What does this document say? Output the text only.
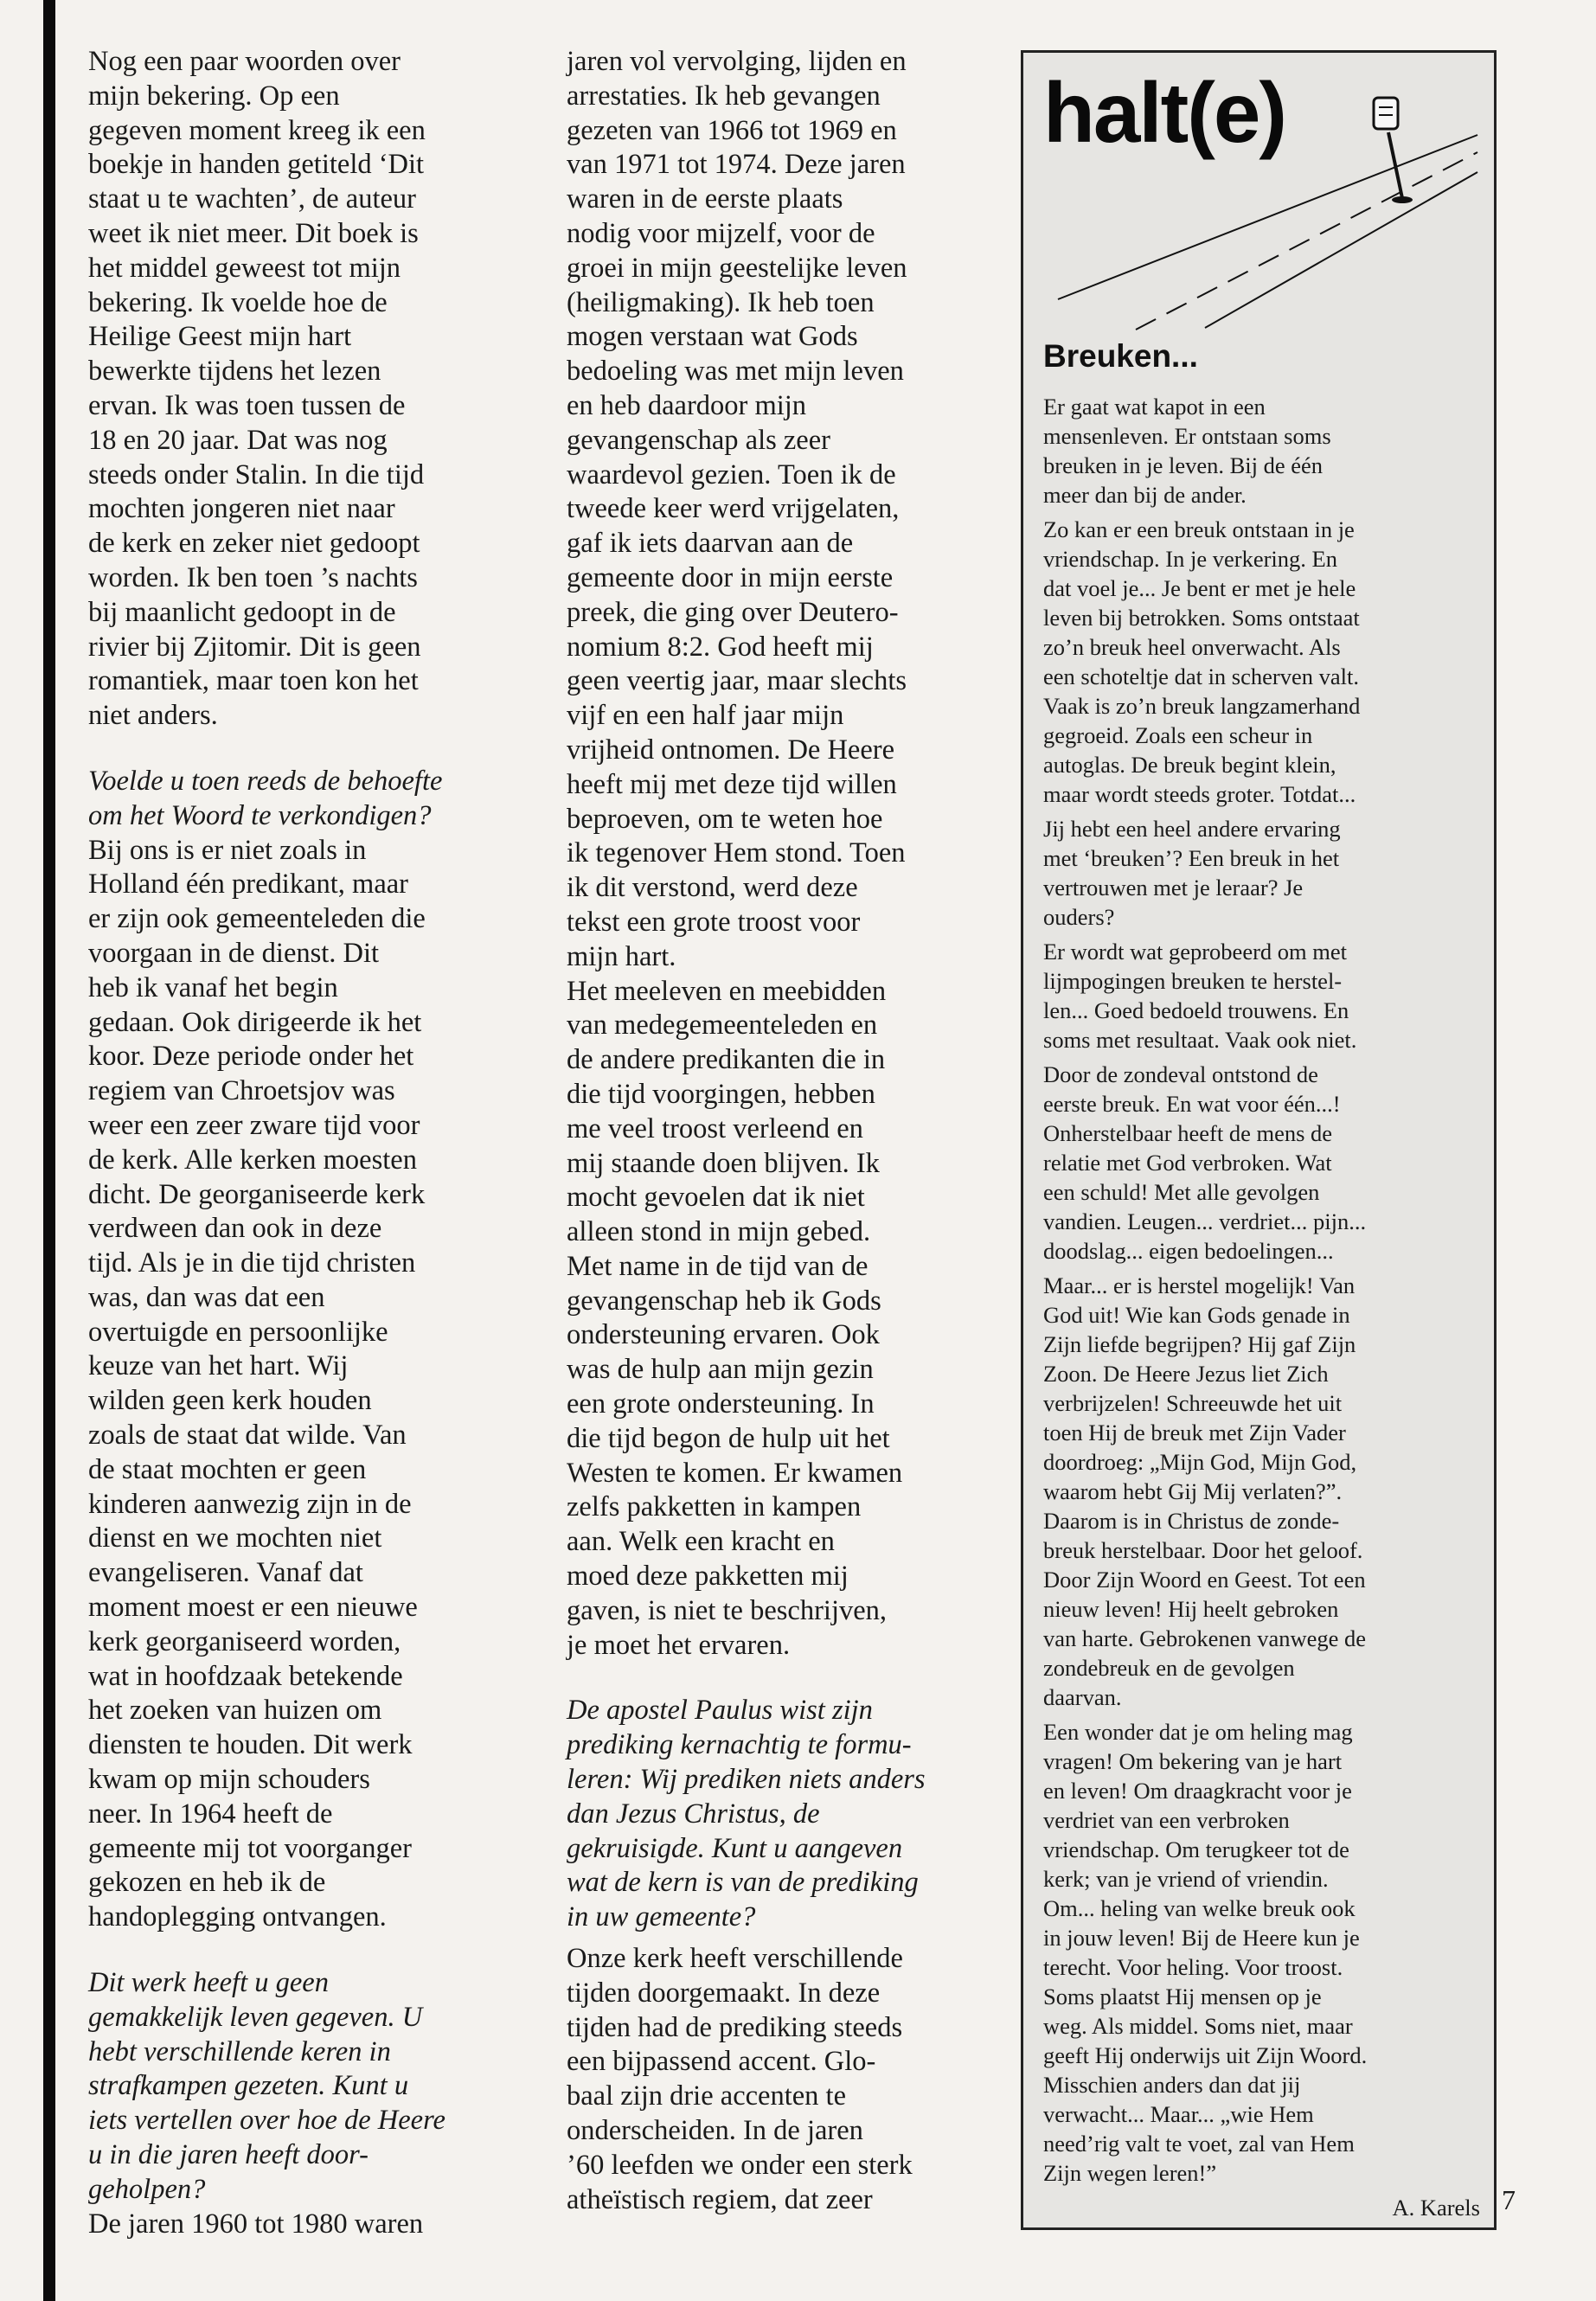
Nog een paar woorden over
mijn bekering. Op een
gegeven moment kreeg ik een
boekje in handen getiteld ‘Dit
staat u te wachten’, de auteur
weet ik niet meer. Dit boek is
het middel geweest tot mijn
bekering. Ik voelde hoe de
Heilige Geest mijn hart
bewerkte tijdens het lezen
ervan. Ik was toen tussen de
18 en 20 jaar. Dat was nog
steeds onder Stalin. In die tijd
mochten jongeren niet naar
de kerk en zeker niet gedoopt
worden. Ik ben toen ’s nachts
bij maanlicht gedoopt in de
rivier bij Zjitomir. Dit is geen
romantiek, maar toen kon het
niet anders.

Voelde u toen reeds de behoefte
om het Woord te verkondigen?

Bij ons is er niet zoals in
Holland één predikant, maar
er zijn ook gemeenteleden die
voorgaan in de dienst. Dit
heb ik vanaf het begin
gedaan. Ook dirigeerde ik het
koor. Deze periode onder het
regiem van Chroetsjov was
weer een zeer zware tijd voor
de kerk. Alle kerken moesten
dicht. De georganiseerde kerk
verdween dan ook in deze
tijd. Als je in die tijd christen
was, dan was dat een
overtuigde en persoonlijke
keuze van het hart. Wij
wilden geen kerk houden
zoals de staat dat wilde. Van
de staat mochten er geen
kinderen aanwezig zijn in de
dienst en we mochten niet
evangeliseren. Vanaf dat
moment moest er een nieuwe
kerk georganiseerd worden,
wat in hoofdzaak betekende
het zoeken van huizen om
diensten te houden. Dit werk
kwam op mijn schouders
neer. In 1964 heeft de
gemeente mij tot voorganger
gekozen en heb ik de
handoplegging ontvangen.

Dit werk heeft u geen
gemakkelijk leven gegeven. U
hebt verschillende keren in
strafkampen gezeten. Kunt u
iets vertellen over hoe de Heere
u in die jaren heeft door-
geholpen?

De jaren 1960 tot 1980 waren

jaren vol vervolging, lijden en
arrestaties. Ik heb gevangen
gezeten van 1966 tot 1969 en
van 1971 tot 1974. Deze jaren
waren in de eerste plaats
nodig voor mijzelf, voor de
groei in mijn geestelijke leven
(heiligmaking). Ik heb toen
mogen verstaan wat Gods
bedoeling was met mijn leven
en heb daardoor mijn
gevangenschap als zeer
waardevol gezien. Toen ik de
tweede keer werd vrijgelaten,
gaf ik iets daarvan aan de
gemeente door in mijn eerste
preek, die ging over Deutero-
nomium 8:2. God heeft mij
geen veertig jaar, maar slechts
vijf en een half jaar mijn
vrijheid ontnomen. De Heere
heeft mij met deze tijd willen
beproeven, om te weten hoe
ik tegenover Hem stond. Toen
ik dit verstond, werd deze
tekst een grote troost voor
mijn hart.

Het meeleven en meebidden
van medegemeenteleden en
de andere predikanten die in
die tijd voorgingen, hebben
me veel troost verleend en
mij staande doen blijven. Ik
mocht gevoelen dat ik niet
alleen stond in mijn gebed.
Met name in de tijd van de
gevangenschap heb ik Gods
ondersteuning ervaren. Ook
was de hulp aan mijn gezin
een grote ondersteuning. In
die tijd begon de hulp uit het
Westen te komen. Er kwamen
zelfs pakketten in kampen
aan. Welk een kracht en
moed deze pakketten mij
gaven, is niet te beschrijven,
je moet het ervaren.

De apostel Paulus wist zijn
prediking kernachtig te formu-
leren: Wij prediken niets anders
dan Jezus Christus, de
gekruisigde. Kunt u aangeven
wat de kern is van de prediking
in uw gemeente?

Onze kerk heeft verschillende
tijden doorgemaakt. In deze
tijden had de prediking steeds
een bijpassend accent. Glo-
baal zijn drie accenten te
onderscheiden. In de jaren
’60 leefden we onder een sterk
atheïstisch regiem, dat zeer

halt(e)
Breuken...

Er gaat wat kapot in een
mensenleven. Er ontstaan soms
breuken in je leven. Bij de één
meer dan bij de ander.

Zo kan er een breuk ontstaan in je
vriendschap. In je verkering. En
dat voel je... Je bent er met je hele
leven bij betrokken. Soms ontstaat
zo’n breuk heel onverwacht. Als
een schoteltje dat in scherven valt.
Vaak is zo’n breuk langzamerhand
gegroeid. Zoals een scheur in
autoglas. De breuk begint klein,
maar wordt steeds groter. Totdat...

Jij hebt een heel andere ervaring
met ‘breuken’? Een breuk in het
vertrouwen met je leraar? Je
ouders?

Er wordt wat geprobeerd om met
lijmpogingen breuken te herstel-
len... Goed bedoeld trouwens. En
soms met resultaat. Vaak ook niet.

Door de zondeval ontstond de
eerste breuk. En wat voor één...!
Onherstelbaar heeft de mens de
relatie met God verbroken. Wat
een schuld! Met alle gevolgen
vandien. Leugen... verdriet... pijn...
doodslag... eigen bedoelingen...

Maar... er is herstel mogelijk! Van
God uit! Wie kan Gods genade in
Zijn liefde begrijpen? Hij gaf Zijn
Zoon. De Heere Jezus liet Zich
verbrijzelen! Schreeuwde het uit
toen Hij de breuk met Zijn Vader
doordroeg: „Mijn God, Mijn God,
waarom hebt Gij Mij verlaten?”.
Daarom is in Christus de zonde-
breuk herstelbaar. Door het geloof.
Door Zijn Woord en Geest. Tot een
nieuw leven! Hij heelt gebroken
van harte. Gebrokenen vanwege de
zondebreuk en de gevolgen
daarvan.

Een wonder dat je om heling mag
vragen! Om bekering van je hart
en leven! Om draagkracht voor je
verdriet van een verbroken
vriendschap. Om terugkeer tot de
kerk; van je vriend of vriendin.
Om... heling van welke breuk ook
in jouw leven! Bij de Heere kun je
terecht. Voor heling. Voor troost.
Soms plaatst Hij mensen op je
weg. Als middel. Soms niet, maar
geeft Hij onderwijs uit Zijn Woord.
Misschien anders dan dat jij
verwacht... Maar... „wie Hem
need’rig valt te voet, zal van Hem
Zijn wegen leren!”

A. Karels 7
